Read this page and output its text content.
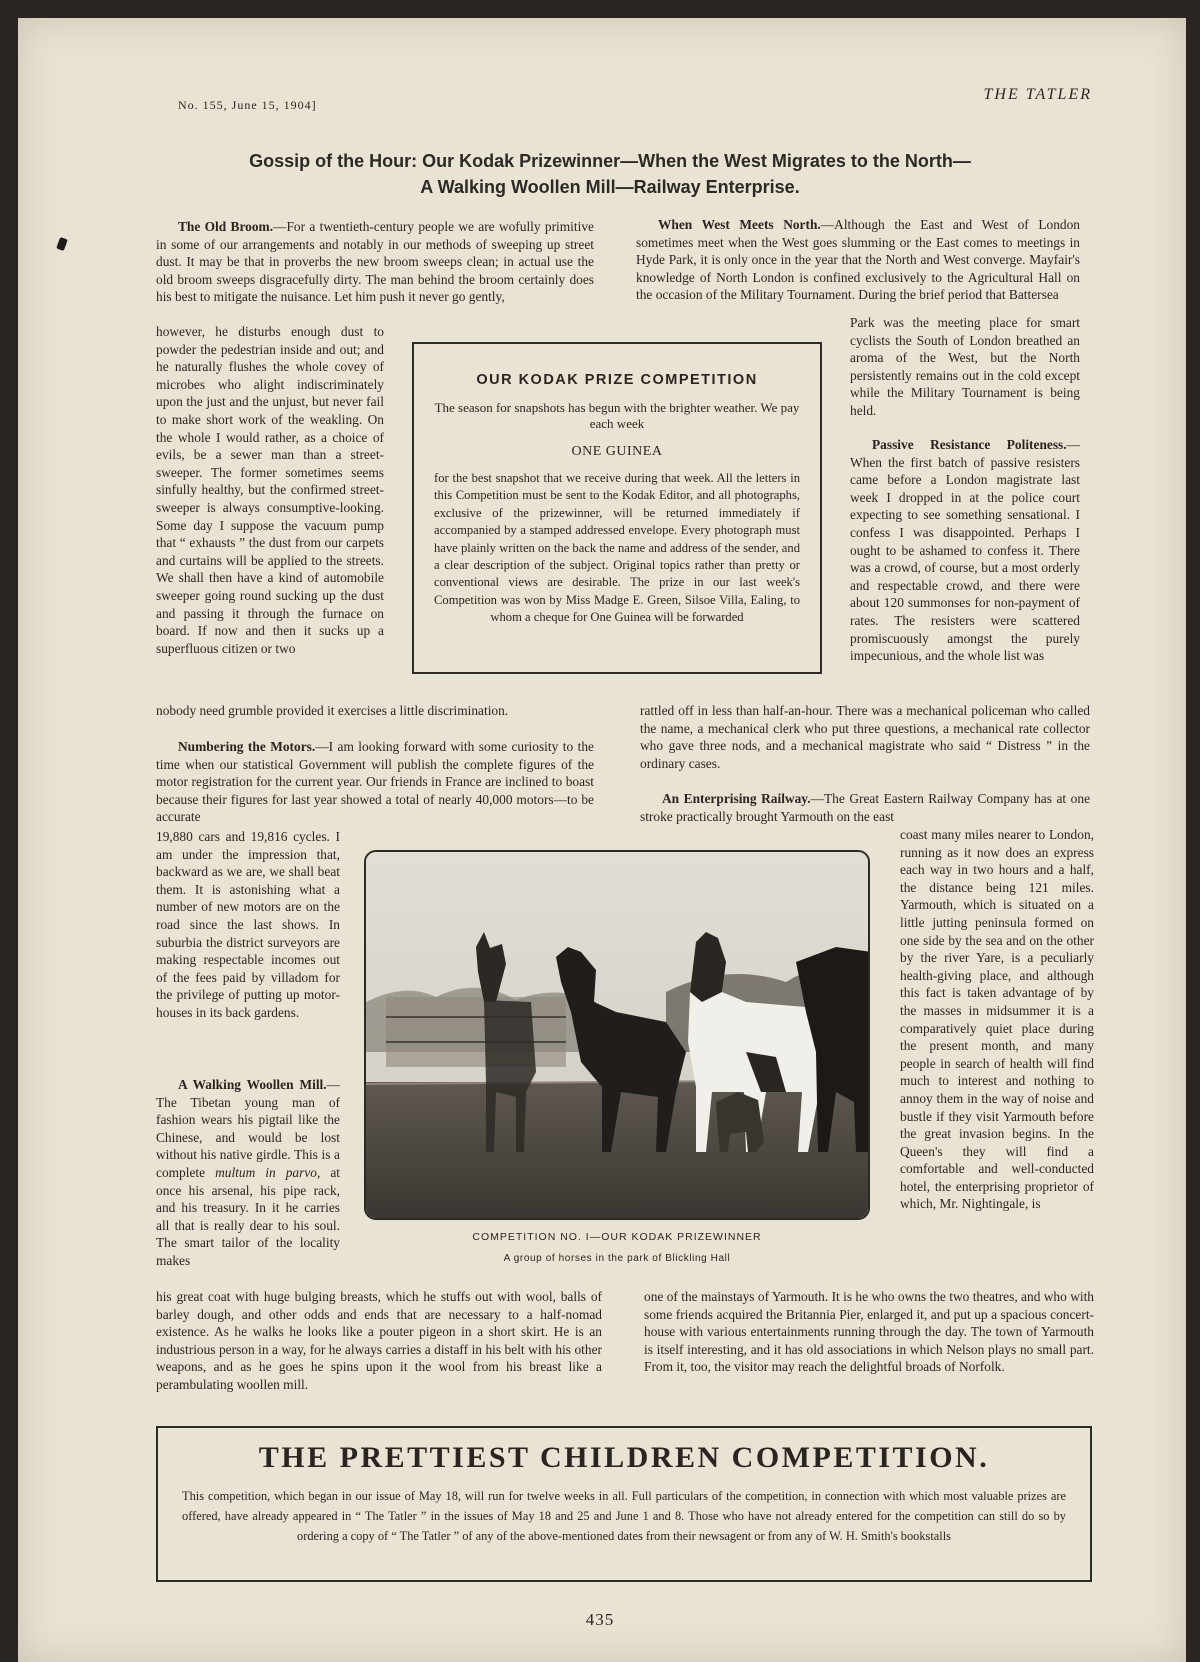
No. 155, June 15, 1904]
THE TATLER
Gossip of the Hour: Our Kodak Prizewinner—When the West Migrates to the North—
A Walking Woollen Mill—Railway Enterprise.

The Old Broom.—For a twentieth-century people we are wofully primitive in some of our arrangements and notably in our methods of sweeping up street dust. It may be that in proverbs the new broom sweeps clean; in actual use the old broom sweeps disgracefully dirty. The man behind the broom certainly does his best to mitigate the nuisance. Let him push it never go gently,

however, he disturbs enough dust to powder the pedestrian inside and out; and he naturally flushes the whole covey of microbes who alight indiscriminately upon the just and the unjust, but never fail to make short work of the weakling. On the whole I would rather, as a choice of evils, be a sewer man than a street-sweeper. The former sometimes seems sinfully healthy, but the confirmed street-sweeper is always consumptive-looking. Some day I suppose the vacuum pump that “ exhausts ” the dust from our carpets and curtains will be applied to the streets. We shall then have a kind of automobile sweeper going round sucking up the dust and passing it through the furnace on board. If now and then it sucks up a superfluous citizen or two

nobody need grumble provided it exercises a little discrimination.

Numbering the Motors.—I am looking forward with some curiosity to the time when our statistical Government will publish the complete figures of the motor registration for the current year. Our friends in France are inclined to boast because their figures for last year showed a total of nearly 40,000 motors—to be accurate

19,880 cars and 19,816 cycles. I am under the impression that, backward as we are, we shall beat them. It is astonishing what a number of new motors are on the road since the last shows. In suburbia the district surveyors are making respectable incomes out of the fees paid by villadom for the privilege of putting up motor-houses in its back gardens.

A Walking Woollen Mill.—The Tibetan young man of fashion wears his pigtail like the Chinese, and would be lost without his native girdle. This is a complete multum in parvo, at once his arsenal, his pipe rack, and his treasury. In it he carries all that is really dear to his soul. The smart tailor of the locality makes

his great coat with huge bulging breasts, which he stuffs out with wool, balls of barley dough, and other odds and ends that are necessary to a half-nomad existence. As he walks he looks like a pouter pigeon in a short skirt. He is an industrious person in a way, for he always carries a distaff in his belt with his other weapons, and as he goes he spins upon it the wool from his breast like a perambulating woollen mill.

OUR KODAK PRIZE COMPETITION
The season for snapshots has begun with the brighter weather. We pay each week
ONE GUINEA
for the best snapshot that we receive during that week. All the letters in this Competition must be sent to the Kodak Editor, and all photographs, exclusive of the prizewinner, will be returned immediately if accompanied by a stamped addressed envelope. Every photograph must have plainly written on the back the name and address of the sender, and a clear description of the subject. Original topics rather than pretty or conventional views are desirable. The prize in our last week's Competition was won by Miss Madge E. Green, Silsoe Villa, Ealing, to whom a cheque for One Guinea will be forwarded

When West Meets North.—Although the East and West of London sometimes meet when the West goes slumming or the East comes to meetings in Hyde Park, it is only once in the year that the North and West converge. Mayfair's knowledge of North London is confined exclusively to the Agricultural Hall on the occasion of the Military Tournament. During the brief period that Battersea

Park was the meeting place for smart cyclists the South of London breathed an aroma of the West, but the North persistently remains out in the cold except while the Military Tournament is being held.

Passive Resistance Politeness.—When the first batch of passive resisters came before a London magistrate last week I dropped in at the police court expecting to see something sensational. I confess I was disappointed. Perhaps I ought to be ashamed to confess it. There was a crowd, of course, but a most orderly and respectable crowd, and there were about 120 summonses for non-payment of rates. The resisters were scattered promiscuously amongst the purely impecunious, and the whole list was

rattled off in less than half-an-hour. There was a mechanical policeman who called the name, a mechanical clerk who put three questions, a mechanical rate collector who gave three nods, and a mechanical magistrate who said “ Distress ” in the ordinary cases.

An Enterprising Railway.—The Great Eastern Railway Company has at one stroke practically brought Yarmouth on the east

coast many miles nearer to London, running as it now does an express each way in two hours and a half, the distance being 121 miles. Yarmouth, which is situated on a little jutting peninsula formed on one side by the sea and on the other by the river Yare, is a peculiarly health-giving place, and although this fact is taken advantage of by the masses in midsummer it is a comparatively quiet place during the present month, and many people in search of health will find much to interest and nothing to annoy them in the way of noise and bustle if they visit Yarmouth before the great invasion begins. In the Queen's they will find a comfortable and well-conducted hotel, the enterprising proprietor of which, Mr. Nightingale, is

one of the mainstays of Yarmouth. It is he who owns the two theatres, and who with some friends acquired the Britannia Pier, enlarged it, and put up a spacious concert-house with various entertainments running through the day. The town of Yarmouth is itself interesting, and it has old associations in which Nelson plays no small part. From it, too, the visitor may reach the delightful broads of Norfolk.

COMPETITION NO. I—OUR KODAK PRIZEWINNER
A group of horses in the park of Blickling Hall
THE PRETTIEST CHILDREN COMPETITION.
This competition, which began in our issue of May 18, will run for twelve weeks in all. Full particulars of the competition, in connection with which most valuable prizes are offered, have already appeared in “ The Tatler ” in the issues of May 18 and 25 and June 1 and 8. Those who have not already entered for the competition can still do so by ordering a copy of “ The Tatler ” of any of the above-mentioned dates from their newsagent or from any of W. H. Smith's bookstalls
435
